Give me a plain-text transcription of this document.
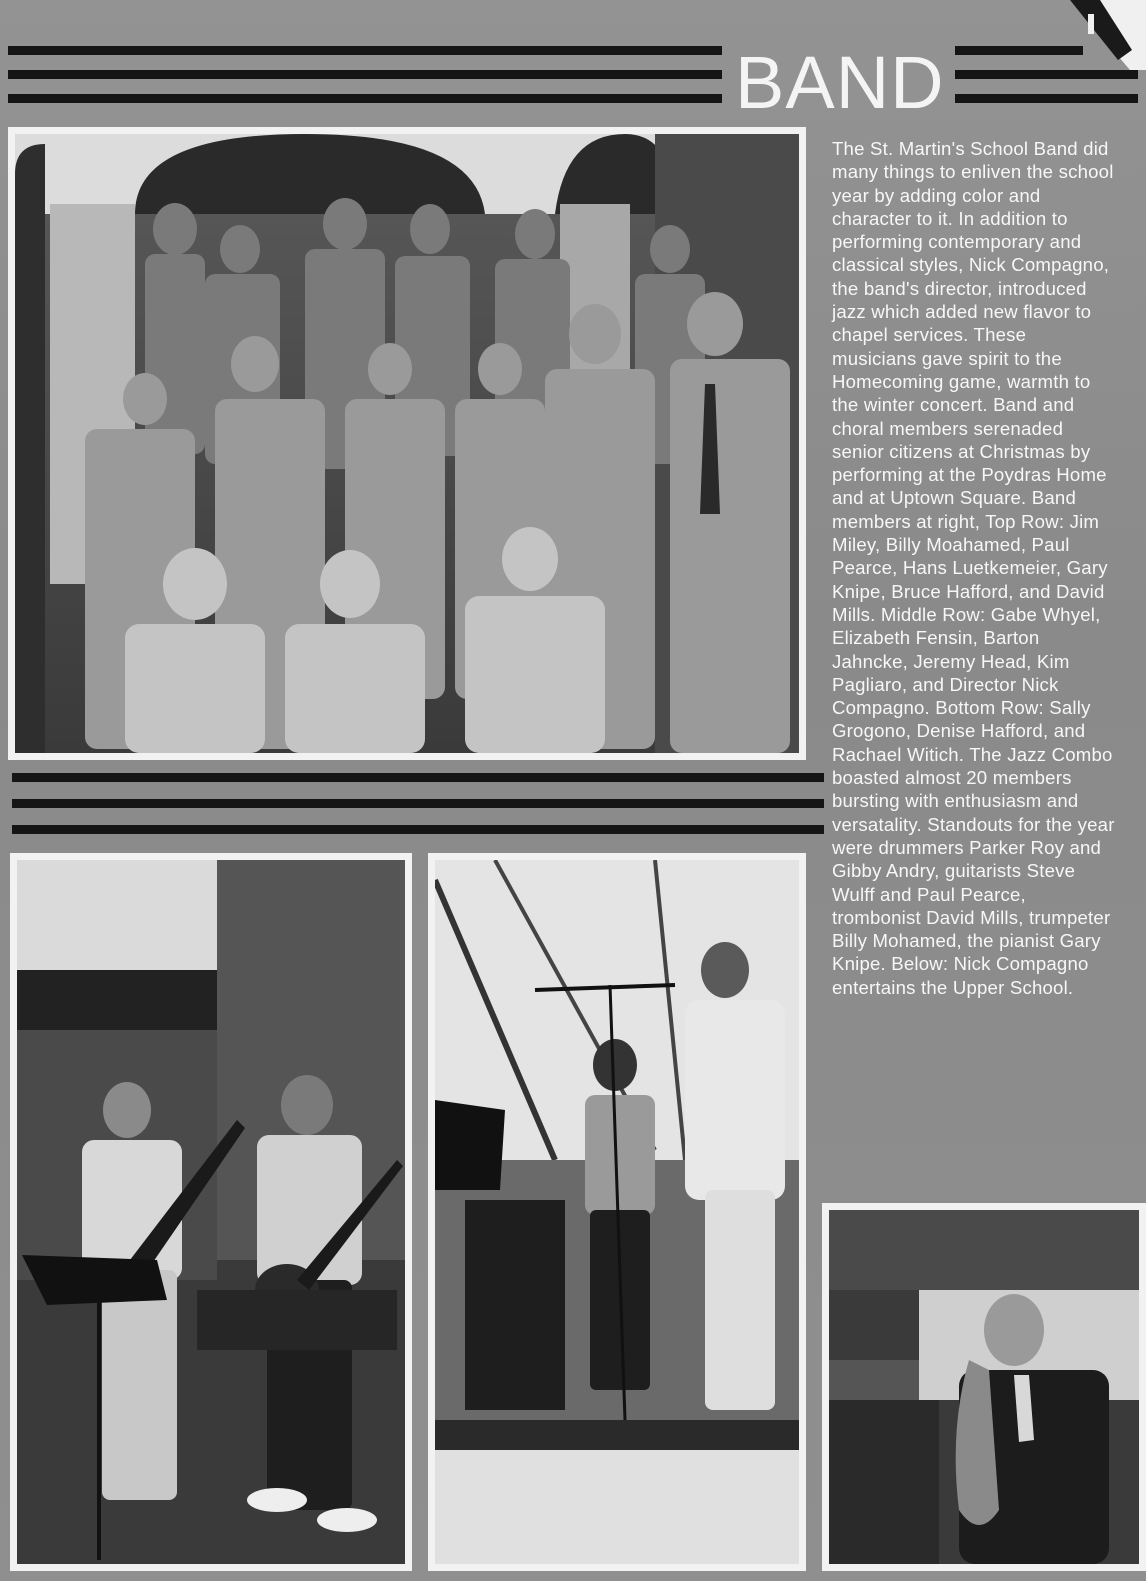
BAND

The St. Martin's School Band did many things to enliven the school year by adding color and character to it. In addition to performing contemporary and classical styles, Nick Compagno, the band's director, introduced jazz which added new flavor to chapel services. These musicians gave spirit to the Homecoming game, warmth to the winter concert. Band and choral members serenaded senior citizens at Christmas by performing at the Poydras Home and at Uptown Square. Band members at right, Top Row: Jim Miley, Billy Moahamed, Paul Pearce, Hans Luetkemeier, Gary Knipe, Bruce Hafford, and David Mills. Middle Row: Gabe Whyel, Elizabeth Fensin, Barton Jahncke, Jeremy Head, Kim Pagliaro, and Director Nick Compagno. Bottom Row: Sally Grogono, Denise Hafford, and Rachael Witich. The Jazz Combo boasted almost 20 members bursting with enthusiasm and versatality. Standouts for the year were drummers Parker Roy and Gibby Andry, guitarists Steve Wulff and Paul Pearce, trombonist David Mills, trumpeter Billy Mohamed, the pianist Gary Knipe. Below: Nick Compagno entertains the Upper School.
